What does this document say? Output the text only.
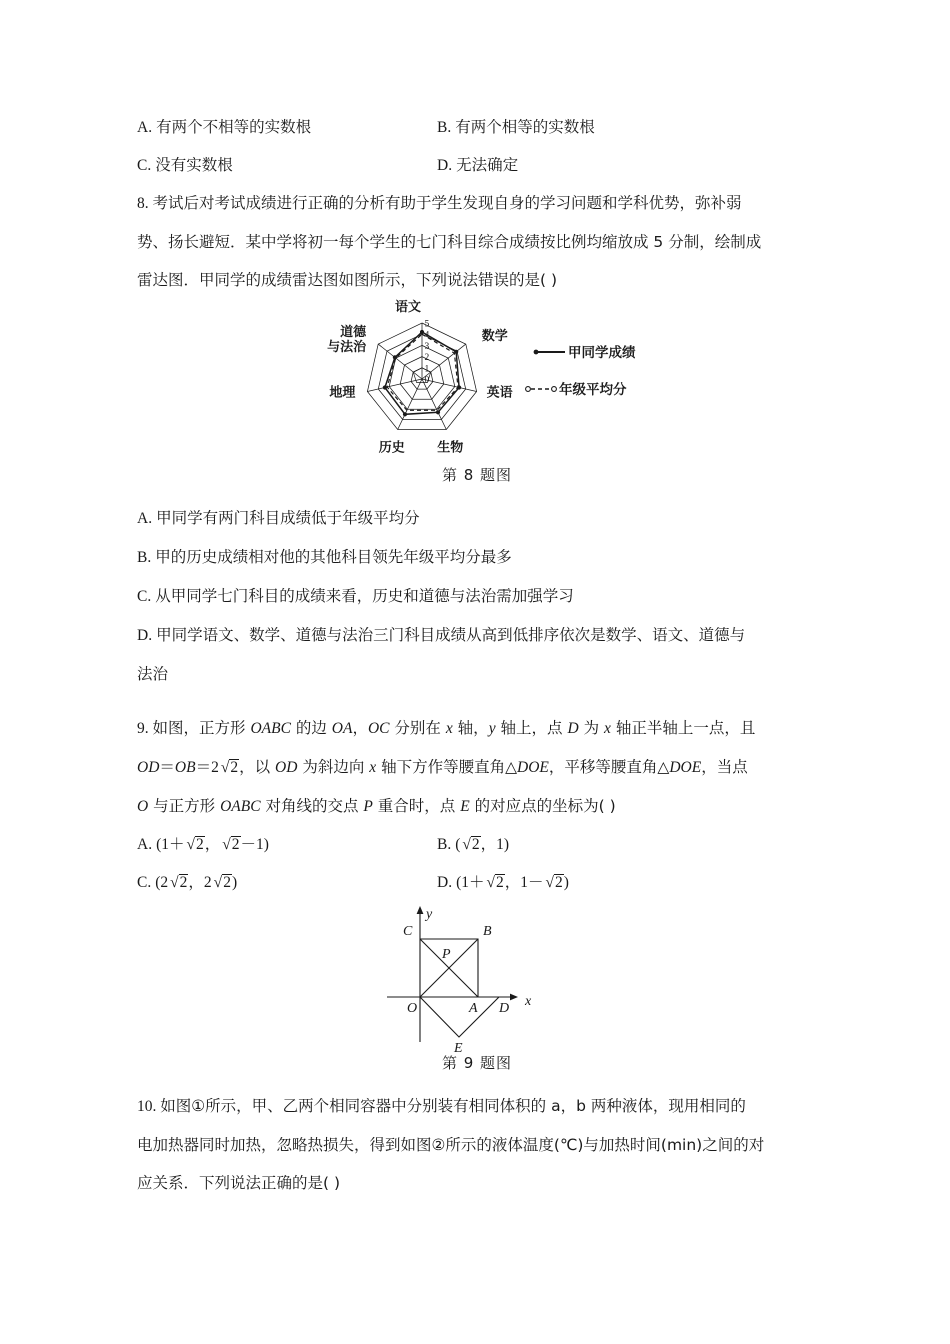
A. 有两个不相等的实数根	B. 有两个相等的实数根
C. 没有实数根	D. 无法确定
8. 考试后对考试成绩进行正确的分析有助于学生发现自身的学习问题和学科优势，弥补弱
势、扬长避短．某中学将初一每个学生的七门科目综合成绩按比例均缩放成 5 分制，绘制成
雷达图．甲同学的成绩雷达图如图所示，下列说法错误的是( )
0
1
2
3
4
5
语文
数学
英语
生物
历史
地理
道德
与法治	甲同学成绩
年级平均分
第 8 题图
A. 甲同学有两门科目成绩低于年级平均分
B. 甲的历史成绩相对他的其他科目领先年级平均分最多
C. 从甲同学七门科目的成绩来看，历史和道德与法治需加强学习
D. 甲同学语文、数学、道德与法治三门科目成绩从高到低排序依次是数学、语文、道德与
法治
9. 如图，正方形 OABC 的边 OA，OC 分别在 x 轴，y 轴上，点 D 为 x 轴正半轴上一点，且
OD＝OB＝2 √2，以 OD 为斜边向 x 轴下方作等腰直角△DOE，平移等腰直角△DOE，当点
O 与正方形 OABC 对角线的交点 P 重合时，点 E 的对应点的坐标为( )
A. (1＋ √2， √2－1)	B. ( √2，1)
C. (2 √2，2 √2)	D. (1＋ √2，1－ √2)
O	A
B
C
D
E
P
x
y
第 9 题图
10. 如图①所示，甲、乙两个相同容器中分别装有相同体积的 a，b 两种液体，现用相同的
电加热器同时加热，忽略热损失，得到如图②所示的液体温度(℃)与加热时间(min)之间的对
应关系．下列说法正确的是( )
